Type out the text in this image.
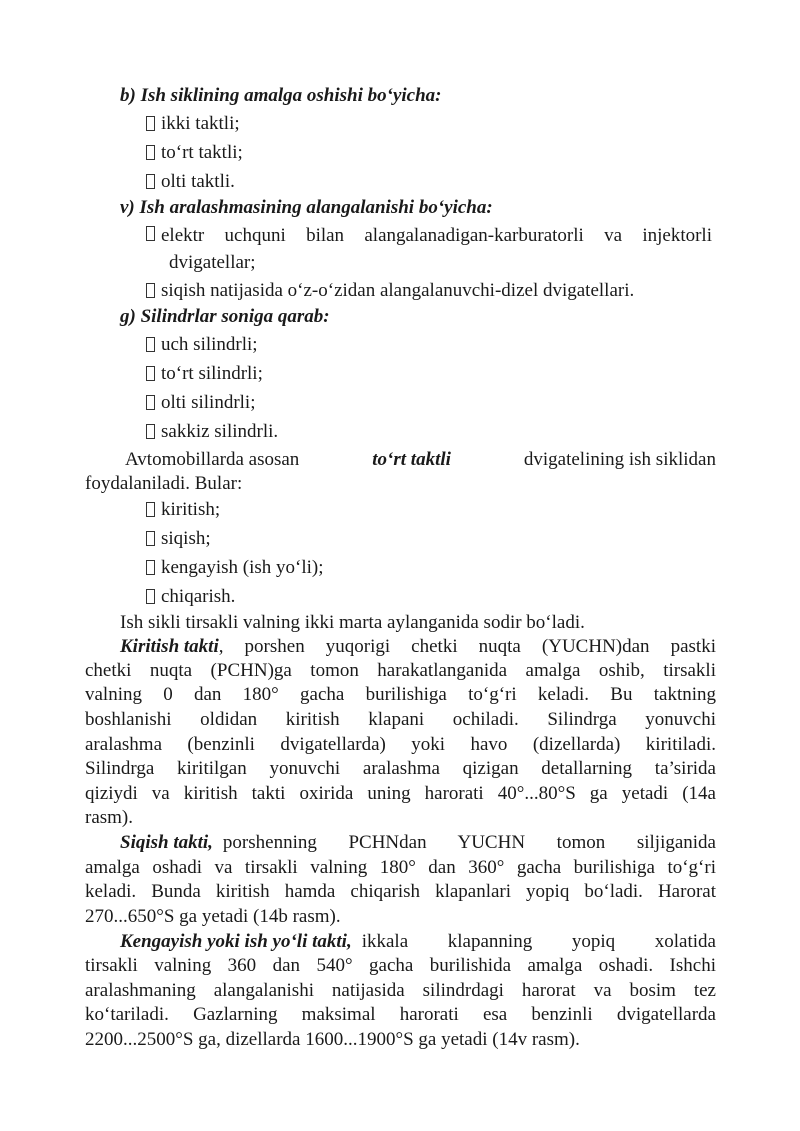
b) Ish siklining amalga oshishi bo‘yicha:
ikki taktli;
to‘rt taktli;
olti taktli.
v) Ish aralashmasining alangalanishi bo‘yicha:
elektr uchquni bilan alangalanadigan-karburatorli va injektorli
dvigatellar;
siqish natijasida o‘z-o‘zidan alangalanuvchi-dizel dvigatellari.
g) Silindrlar soniga qarab:
uch silindrli;
to‘rt silindrli;
olti silindrli;
sakkiz silindrli.
Avtomobillarda asosan	to‘rt taktli	dvigatelining ish siklidan
foydalaniladi. Bular:
kiritish;
siqish;
kengayish (ish yo‘li);
chiqarish.
Ish sikli tirsakli valning ikki marta aylanganida sodir bo‘ladi.
Kiritish takti , porshen yuqorigi chetki nuqta (YUCHN)dan pastki
chetki nuqta (PCHN)ga tomon harakatlanganida amalga oshib, tirsakli
valning 0 dan 180° gacha burilishiga to‘g‘ri keladi. Bu taktning
boshlanishi oldidan kiritish klapani ochiladi. Silindrga yonuvchi
aralashma (benzinli dvigatellarda) yoki havo (dizellarda) kiritiladi.
Silindrga kiritilgan yonuvchi aralashma qizigan detallarning ta’sirida
qiziydi va kiritish takti oxirida uning harorati 40°...80°S ga yetadi (14a
rasm).
Siqish takti, porshenning PCHNdan YUCHN tomon siljiganida
amalga oshadi va tirsakli valning 180° dan 360° gacha burilishiga to‘g‘ri
keladi. Bunda kiritish hamda chiqarish klapanlari yopiq bo‘ladi. Harorat
270...650°S ga yetadi (14b rasm).
Kengayish yoki ish yo‘li takti, ikkala klapanning yopiq xolatida
tirsakli valning 360 dan 540° gacha burilishida amalga oshadi. Ishchi
aralashmaning alangalanishi natijasida silindrdagi harorat va bosim tez
ko‘tariladi. Gazlarning maksimal harorati esa benzinli dvigatellarda
2200...2500°S ga, dizellarda 1600...1900°S ga yetadi (14v rasm).
